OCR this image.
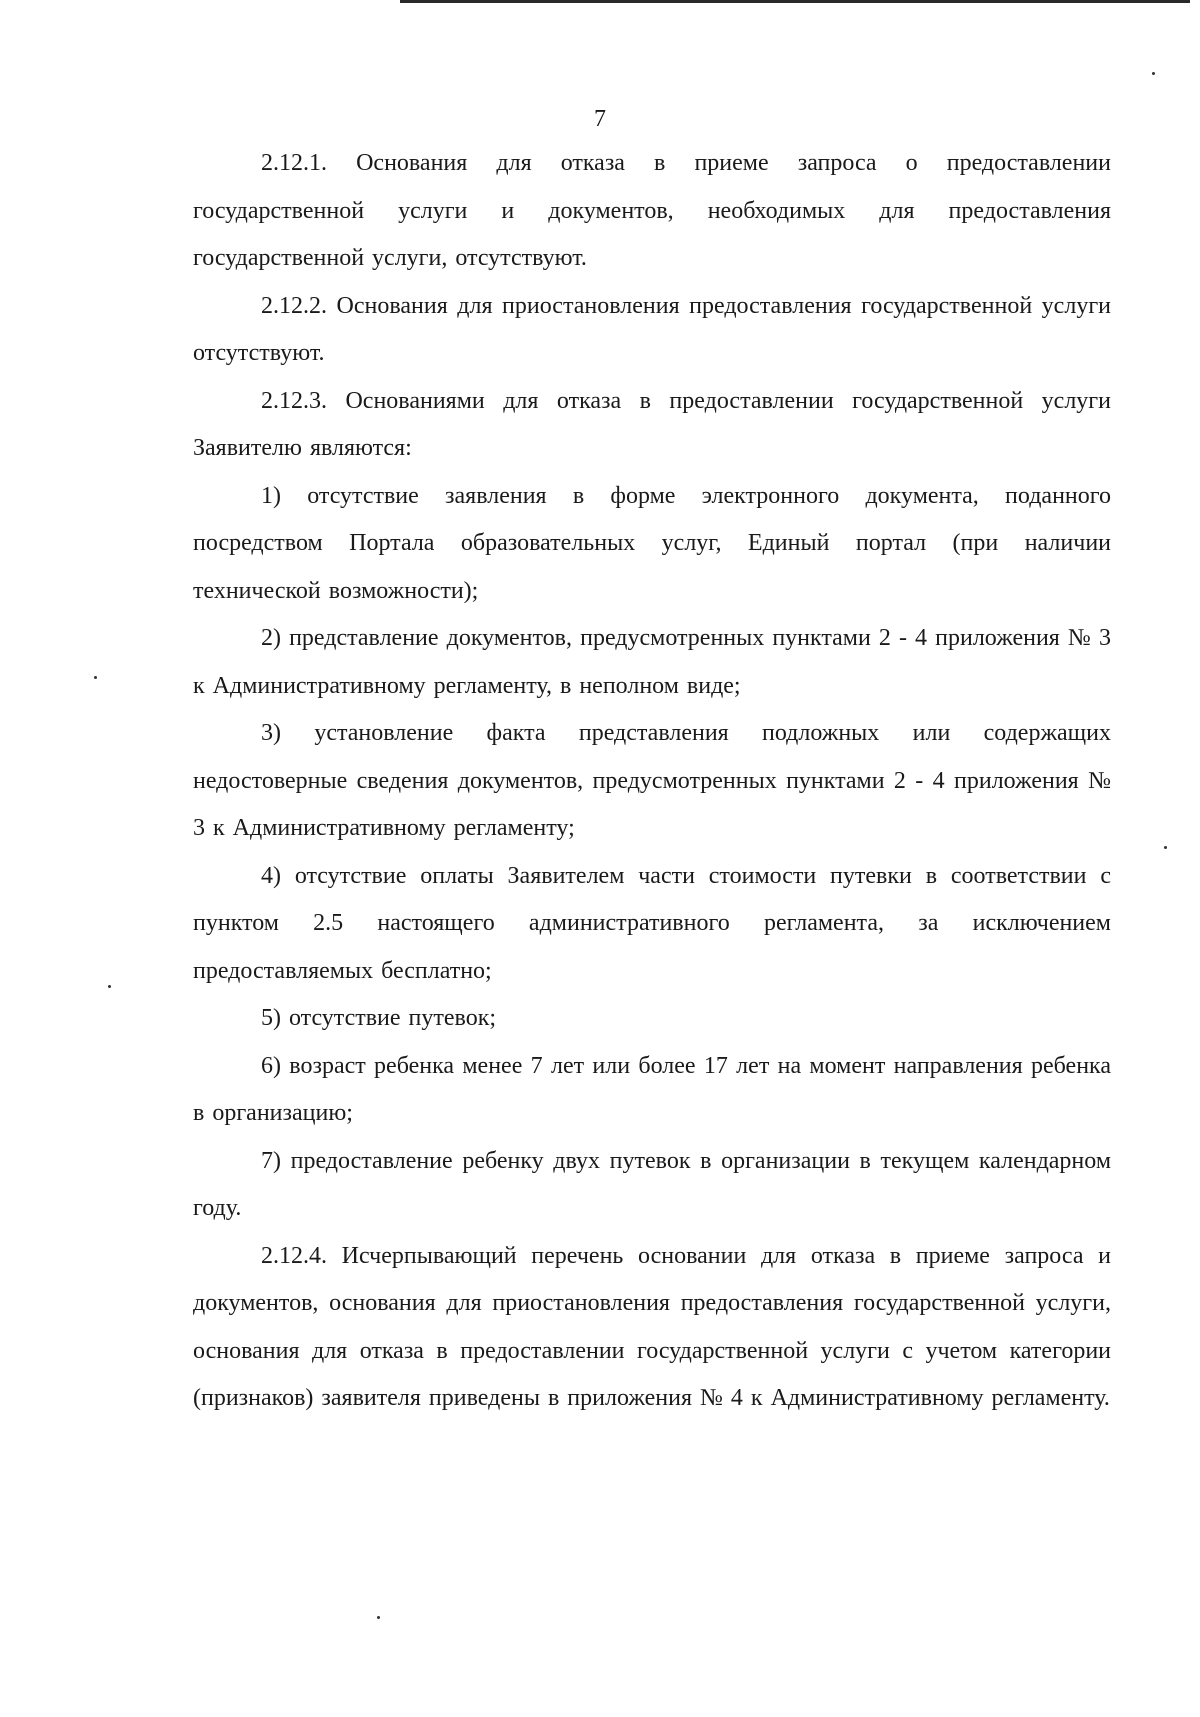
7

2.12.1. Основания для отказа в приеме запроса о предоставлении государственной услуги и документов, необходимых для предоставления государственной услуги, отсутствуют.

2.12.2. Основания для приостановления предоставления государственной услуги отсутствуют.

2.12.3. Основаниями для отказа в предоставлении государственной услуги Заявителю являются:

1) отсутствие заявления в форме электронного документа, поданного посредством Портала образовательных услуг, Единый портал (при наличии технической возможности);

2) представление документов, предусмотренных пунктами 2 - 4 приложения № 3 к Административному регламенту, в неполном виде;

3) установление факта представления подложных или содержащих недостоверные сведения документов, предусмотренных пунктами 2 - 4 приложения № 3 к Административному регламенту;

4) отсутствие оплаты Заявителем части стоимости путевки в соответствии с пунктом 2.5 настоящего административного регламента, за исключением предоставляемых бесплатно;

5) отсутствие путевок;

6) возраст ребенка менее 7 лет или более 17 лет на момент направления ребенка в организацию;

7) предоставление ребенку двух путевок в организации в текущем календарном году.

2.12.4. Исчерпывающий перечень основании для отказа в приеме запроса и документов, основания для приостановления предоставления государственной услуги, основания для отказа в предоставлении государственной услуги с учетом категории (признаков) заявителя приведены в приложения № 4 к Административному регламенту.
